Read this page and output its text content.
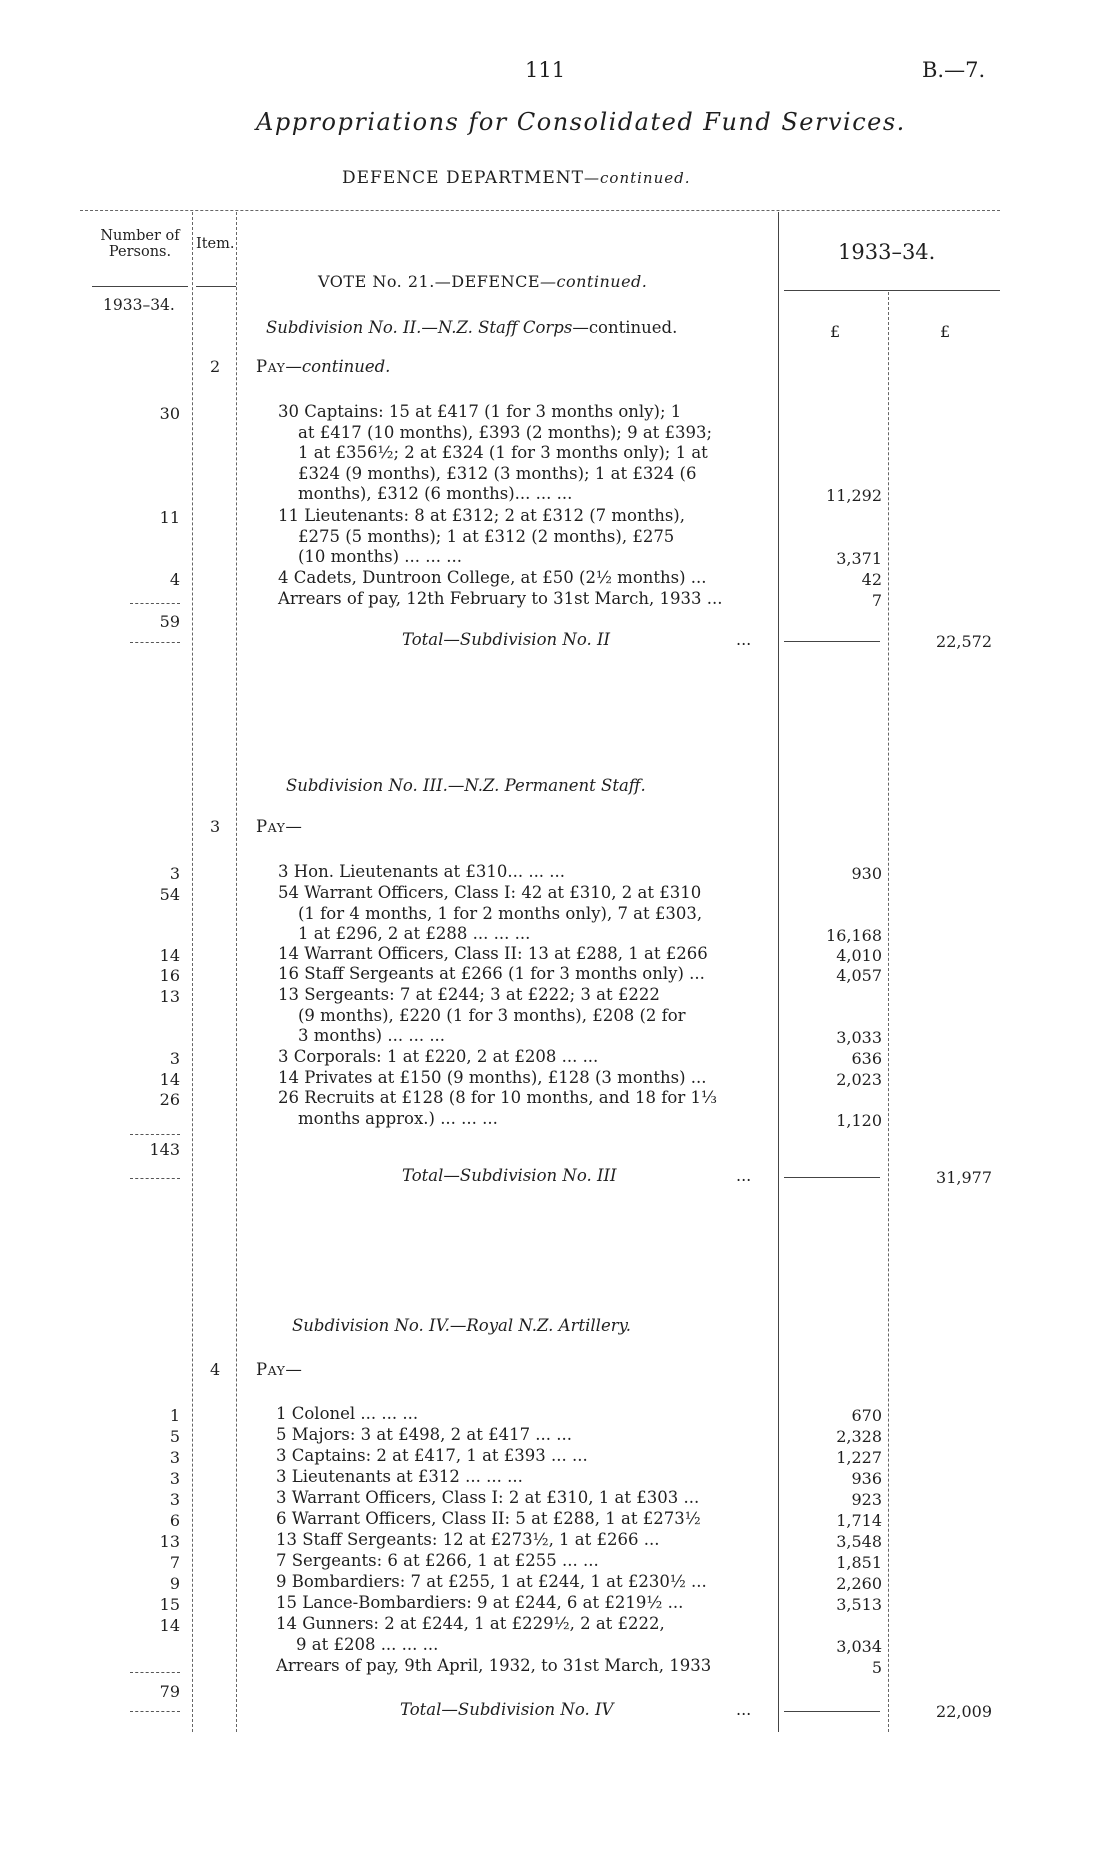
111	B.—7.
Appropriations for Consolidated Fund Services.
DEFENCE DEPARTMENT—continued.
Number of Persons.	Item.	1933–34.
VOTE No. 21.—DEFENCE—continued.
1933–34.
£	£
Subdivision No. II.—N.Z. Staff Corps—continued.
2 PAY—continued.
30	30 Captains: 15 at £417 (1 for 3 months only); 1
at £417 (10 months), £393 (2 months); 9 at £393;
1 at £356½; 2 at £324 (1 for 3 months only); 1 at
£324 (9 months), £312 (3 months); 1 at £324 (6
months), £312 (6 months)... ... ...	11,292
11	11 Lieutenants: 8 at £312; 2 at £312 (7 months),
£275 (5 months); 1 at £312 (2 months), £275
(10 months) ... ... ...	3,371
4	4 Cadets, Duntroon College, at £50 (2½ months) ...	42
Arrears of pay, 12th February to 31st March, 1933 ...	7
59
Total—Subdivision No. II	...	22,572
Subdivision No. III.—N.Z. Permanent Staff.
3 PAY—
3	3 Hon. Lieutenants at £310... ... ...	930
54	54 Warrant Officers, Class I: 42 at £310, 2 at £310
(1 for 4 months, 1 for 2 months only), 7 at £303,
1 at £296, 2 at £288 ... ... ...	16,168
14	14 Warrant Officers, Class II: 13 at £288, 1 at £266	4,010
16	16 Staff Sergeants at £266 (1 for 3 months only) ...	4,057
13	13 Sergeants: 7 at £244; 3 at £222; 3 at £222
(9 months), £220 (1 for 3 months), £208 (2 for
3 months) ... ... ...	3,033
3	3 Corporals: 1 at £220, 2 at £208 ... ...	636
14	14 Privates at £150 (9 months), £128 (3 months) ...	2,023
26	26 Recruits at £128 (8 for 10 months, and 18 for 1⅓
months approx.) ... ... ...	1,120
143
Total—Subdivision No. III	...	31,977
Subdivision No. IV.—Royal N.Z. Artillery.
4 PAY—
1	1 Colonel ... ... ...	670
5	5 Majors: 3 at £498, 2 at £417 ... ...	2,328
3	3 Captains: 2 at £417, 1 at £393 ... ...	1,227
3	3 Lieutenants at £312 ... ... ...	936
3	3 Warrant Officers, Class I: 2 at £310, 1 at £303 ...	923
6	6 Warrant Officers, Class II: 5 at £288, 1 at £273½	1,714
13	13 Staff Sergeants: 12 at £273½, 1 at £266 ...	3,548
7	7 Sergeants: 6 at £266, 1 at £255 ... ...	1,851
9	9 Bombardiers: 7 at £255, 1 at £244, 1 at £230½ ...	2,260
15	15 Lance-Bombardiers: 9 at £244, 6 at £219½ ...	3,513
14	14 Gunners: 2 at £244, 1 at £229½, 2 at £222,
9 at £208 ... ... ...	3,034
Arrears of pay, 9th April, 1932, to 31st March, 1933	5
79
Total—Subdivision No. IV	...	22,009
